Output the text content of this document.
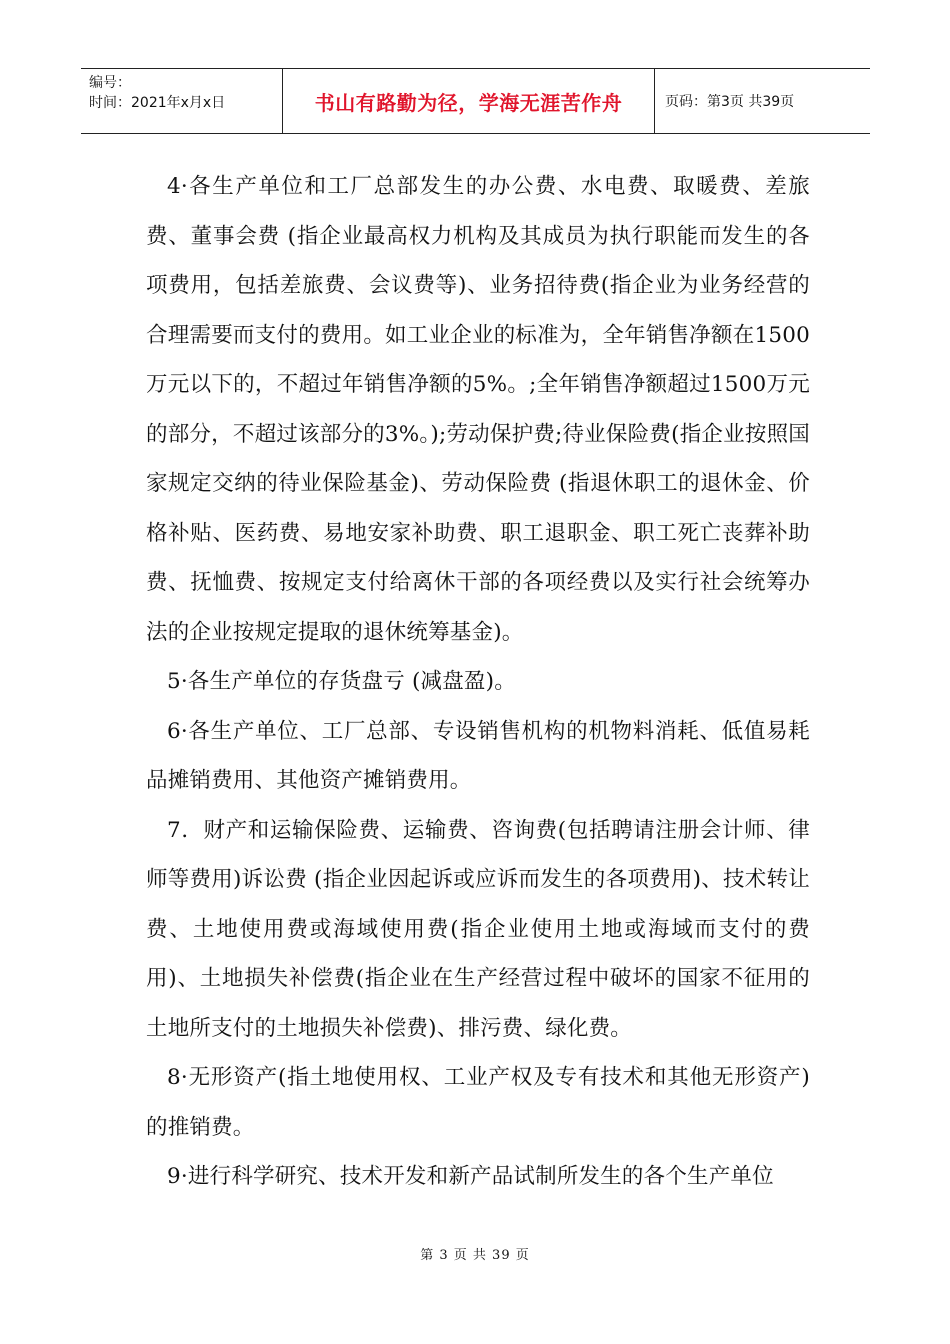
编号：
时间：2021年x月x日	书山有路勤为径，学海无涯苦作舟	页码：第3页 共39页

4·各生产单位和工厂总部发生的办公费、水电费、取暖费、差旅费、董事会费 (指企业最高权力机构及其成员为执行职能而发生的各项费用，包括差旅费、会议费等)、业务招待费(指企业为业务经营的合理需要而支付的费用。如工业企业的标准为，全年销售净额在1500万元以下的，不超过年销售净额的5%。;全年销售净额超过1500万元的部分，不超过该部分的3%。);劳动保护费;待业保险费(指企业按照国家规定交纳的待业保险基金)、劳动保险费 (指退休职工的退休金、价格补贴、医药费、易地安家补助费、职工退职金、职工死亡丧葬补助费、抚恤费、按规定支付给离休干部的各项经费以及实行社会统筹办法的企业按规定提取的退休统筹基金)。

5·各生产单位的存货盘亏 (减盘盈)。

6·各生产单位、工厂总部、专设销售机构的机物料消耗、低值易耗品摊销费用、其他资产摊销费用。

7．财产和运输保险费、运输费、咨询费(包括聘请注册会计师、律师等费用)诉讼费 (指企业因起诉或应诉而发生的各项费用)、技术转让费、土地使用费或海域使用费(指企业使用土地或海域而支付的费用)、土地损失补偿费(指企业在生产经营过程中破坏的国家不征用的土地所支付的土地损失补偿费)、排污费、绿化费。

8·无形资产(指土地使用权、工业产权及专有技术和其他无形资产)的推销费。

9·进行科学研究、技术开发和新产品试制所发生的各个生产单位

第 3 页 共 39 页
